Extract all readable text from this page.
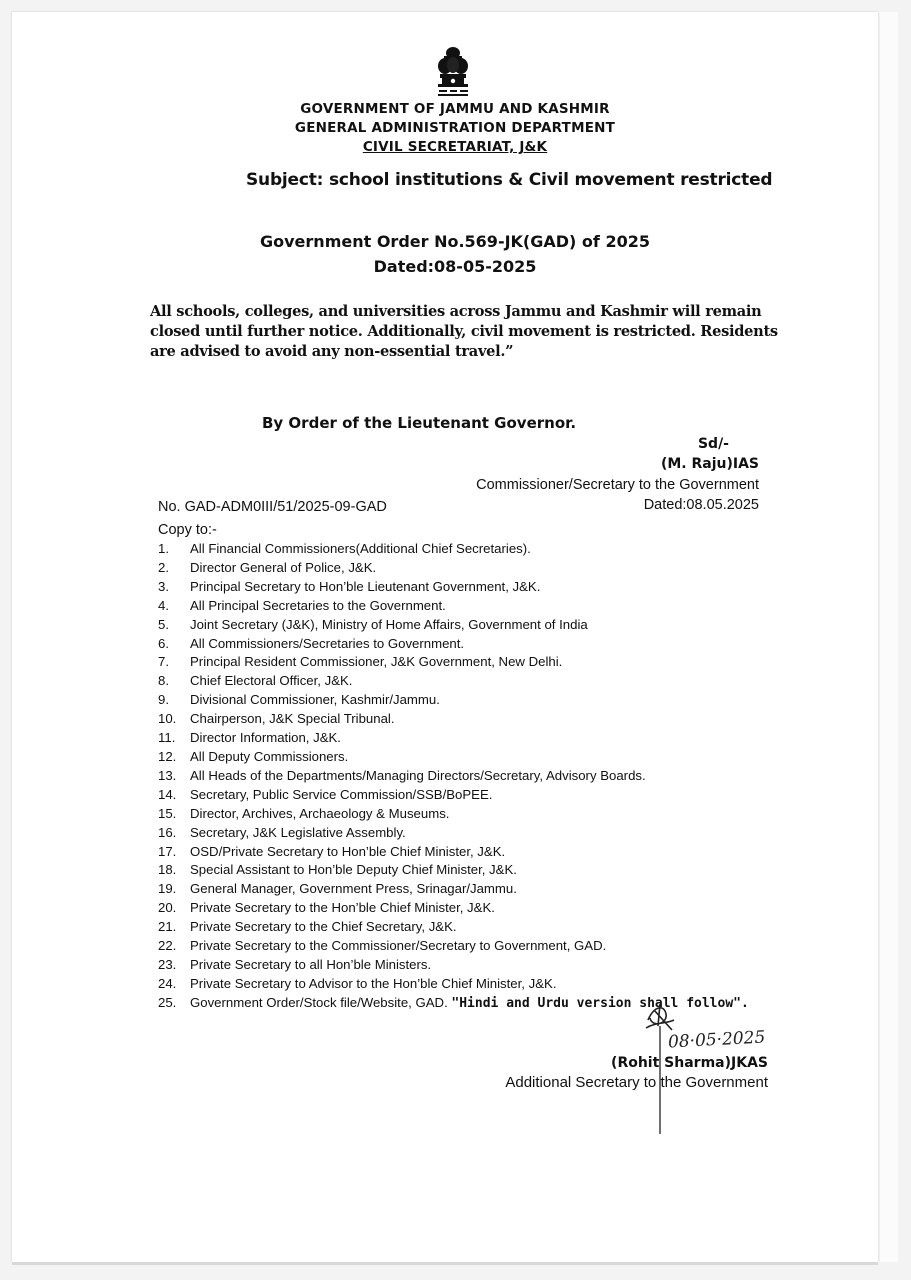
GOVERNMENT OF JAMMU AND KASHMIR
GENERAL ADMINISTRATION DEPARTMENT
CIVIL SECRETARIAT, J&K
Subject: school institutions & Civil movement restricted
Government Order No.569-JK(GAD) of 2025
Dated:08-05-2025
All schools, colleges, and universities across Jammu and Kashmir will remain closed until further notice. Additionally, civil movement is restricted. Residents are advised to avoid any non-essential travel.”
By Order of the Lieutenant Governor.
Sd/-
(M. Raju)IAS
Commissioner/Secretary to the Government
No. GAD-ADM0III/51/2025-09-GAD	Dated:08.05.2025
Copy to:-
1.	All Financial Commissioners(Additional Chief Secretaries).
2.	Director General of Police, J&K.
3.	Principal Secretary to Hon’ble Lieutenant Government, J&K.
4.	All Principal Secretaries to the Government.
5.	Joint Secretary (J&K), Ministry of Home Affairs, Government of India
6.	All Commissioners/Secretaries to Government.
7.	Principal Resident Commissioner, J&K Government, New Delhi.
8.	Chief Electoral Officer, J&K.
9.	Divisional Commissioner, Kashmir/Jammu.
10.	Chairperson, J&K Special Tribunal.
11.	Director Information, J&K.
12.	All Deputy Commissioners.
13.	All Heads of the Departments/Managing Directors/Secretary, Advisory Boards.
14.	Secretary, Public Service Commission/SSB/BoPEE.
15.	Director, Archives, Archaeology & Museums.
16.	Secretary, J&K Legislative Assembly.
17.	OSD/Private Secretary to Hon’ble Chief Minister, J&K.
18.	Special Assistant to Hon’ble Deputy Chief Minister, J&K.
19.	General Manager, Government Press, Srinagar/Jammu.
20.	Private Secretary to the Hon’ble Chief Minister, J&K.
21.	Private Secretary to the Chief Secretary, J&K.
22.	Private Secretary to the Commissioner/Secretary to Government, GAD.
23.	Private Secretary to all Hon’ble Ministers.
24.	Private Secretary to Advisor to the Hon’ble Chief Minister, J&K.
25.	Government Order/Stock file/Website, GAD. "Hindi and Urdu version shall follow".
08·05·2025
(Rohit Sharma)JKAS
Additional Secretary to the Government
